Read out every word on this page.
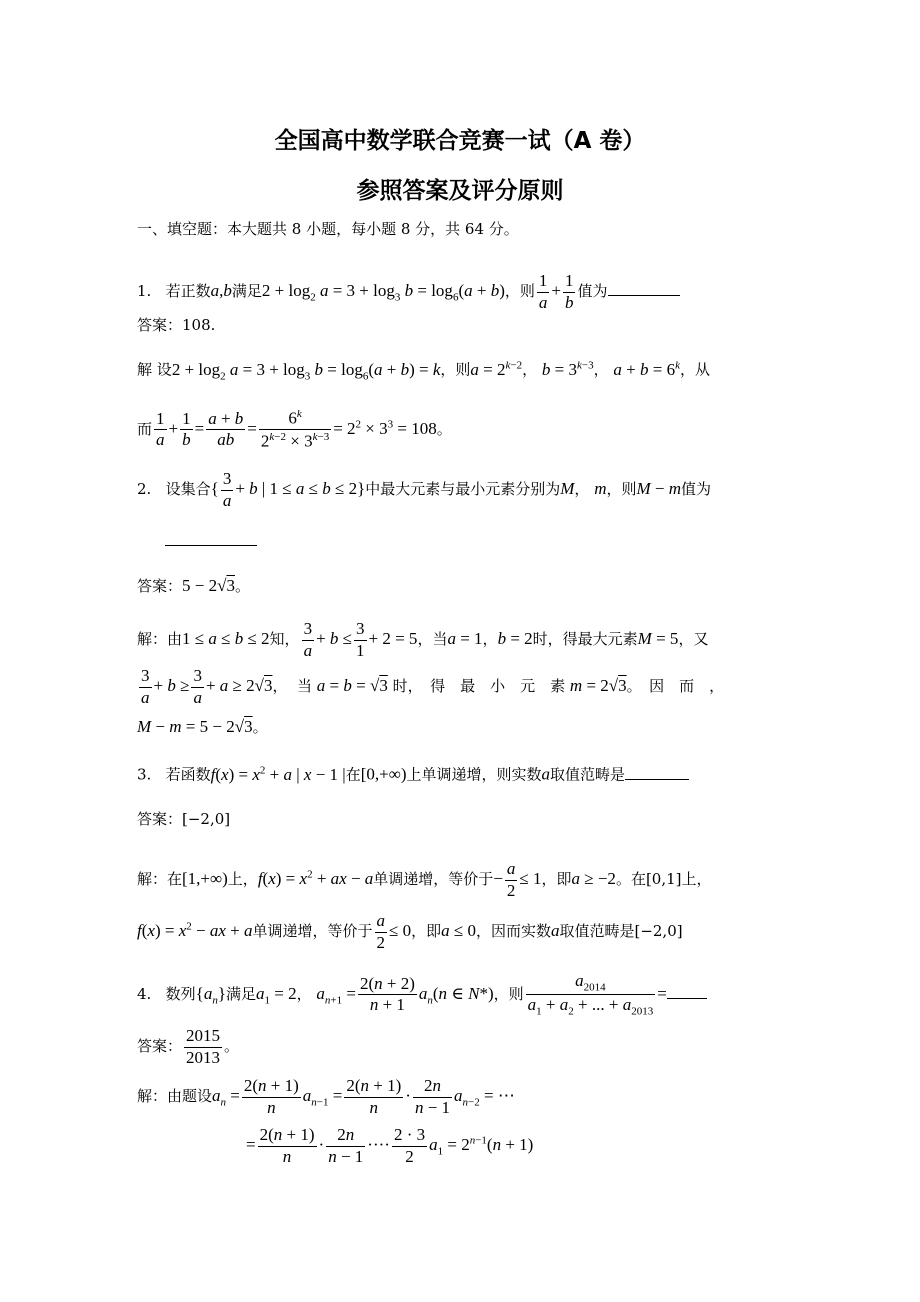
全国高中数学联合竞赛一试（A 卷）
参照答案及评分原则
一、填空题：本大题共 8 小题，每小题 8 分，共 64 分。
1. 若正数a,b满足$2 + \log_2 a = 3 + \log_3 b = \log_6(a + b)$，则 $\frac{1}{a} + \frac{1}{b}$ 值为
答案：108.
解 设$2 + \log_2 a = 3 + \log_3 b = \log_6(a + b) = k$，则$a = 2^{k-2}$， $b = 3^{k-3}$， $a + b = 6^k$，从
而 $\frac{1}{a} + \frac{1}{b} = \frac{a + b}{ab} = \frac{6^k}{2^{k-2} \times 3^{k-3}} = 2^2 \times 3^3 = 108$。
2. 设集合{ $\frac{3}{a} + b$ | 1 ≤ a ≤ b ≤ 2}中最大元素与最小元素分别为M， m，则M − m值为
答案：5 − 2√3。
解：由1 ≤ a ≤ b ≤ 2知， $\frac{3}{a} + b \le \frac{3}{1} + 2 = 5$，当a = 1，b = 2时，得最大元素M = 5，又
$\frac{3}{a} + b \ge \frac{3}{a} + a \ge 2√3$，  当 a = b = √3 时，　得　最　小　元　素 m = 2√3。　因　而　，
M − m = 5 − 2√3。
3. 若函数$f(x) = x^2 + a$ | x − 1 |在[0,+∞)上单调递增，则实数a取值范畴是
答案：[−2,0]
解：在[1,+∞)上，$f(x) = x^2$ + ax − a单调递增，等价于− $\frac{a}{2} \le 1$，即a ≥ −2。在[0,1]上，
$f(x) = x^2$ − ax + a单调递增，等价于 $\frac{a}{2} \le 0$，即a ≤ 0，因而实数a取值范畴是[−2,0]
4. 数列$\{a_n\}$满足$a_1 = 2$， $a_{n+1} = \frac{2(n + 2)}{n + 1} a_n(n$ ∈ N*)，则 $\frac{a_{2014}}{a_1 + a_2 + ... + a_{2013}}$ =
答案： $\frac{2015}{2013}$ 。
解：由题设$a_n = \frac{2(n + 1)}{n} a_{n-1} = \frac{2(n + 1)}{n} \cdot \frac{2n}{n - 1} a_{n-2}$ = ⋯
= $\frac{2(n + 1)}{n} \cdot \frac{2n}{n - 1}$ ···· $\frac{2 \cdot 3}{2} a_1 = 2^{n-1}(n + 1)$
